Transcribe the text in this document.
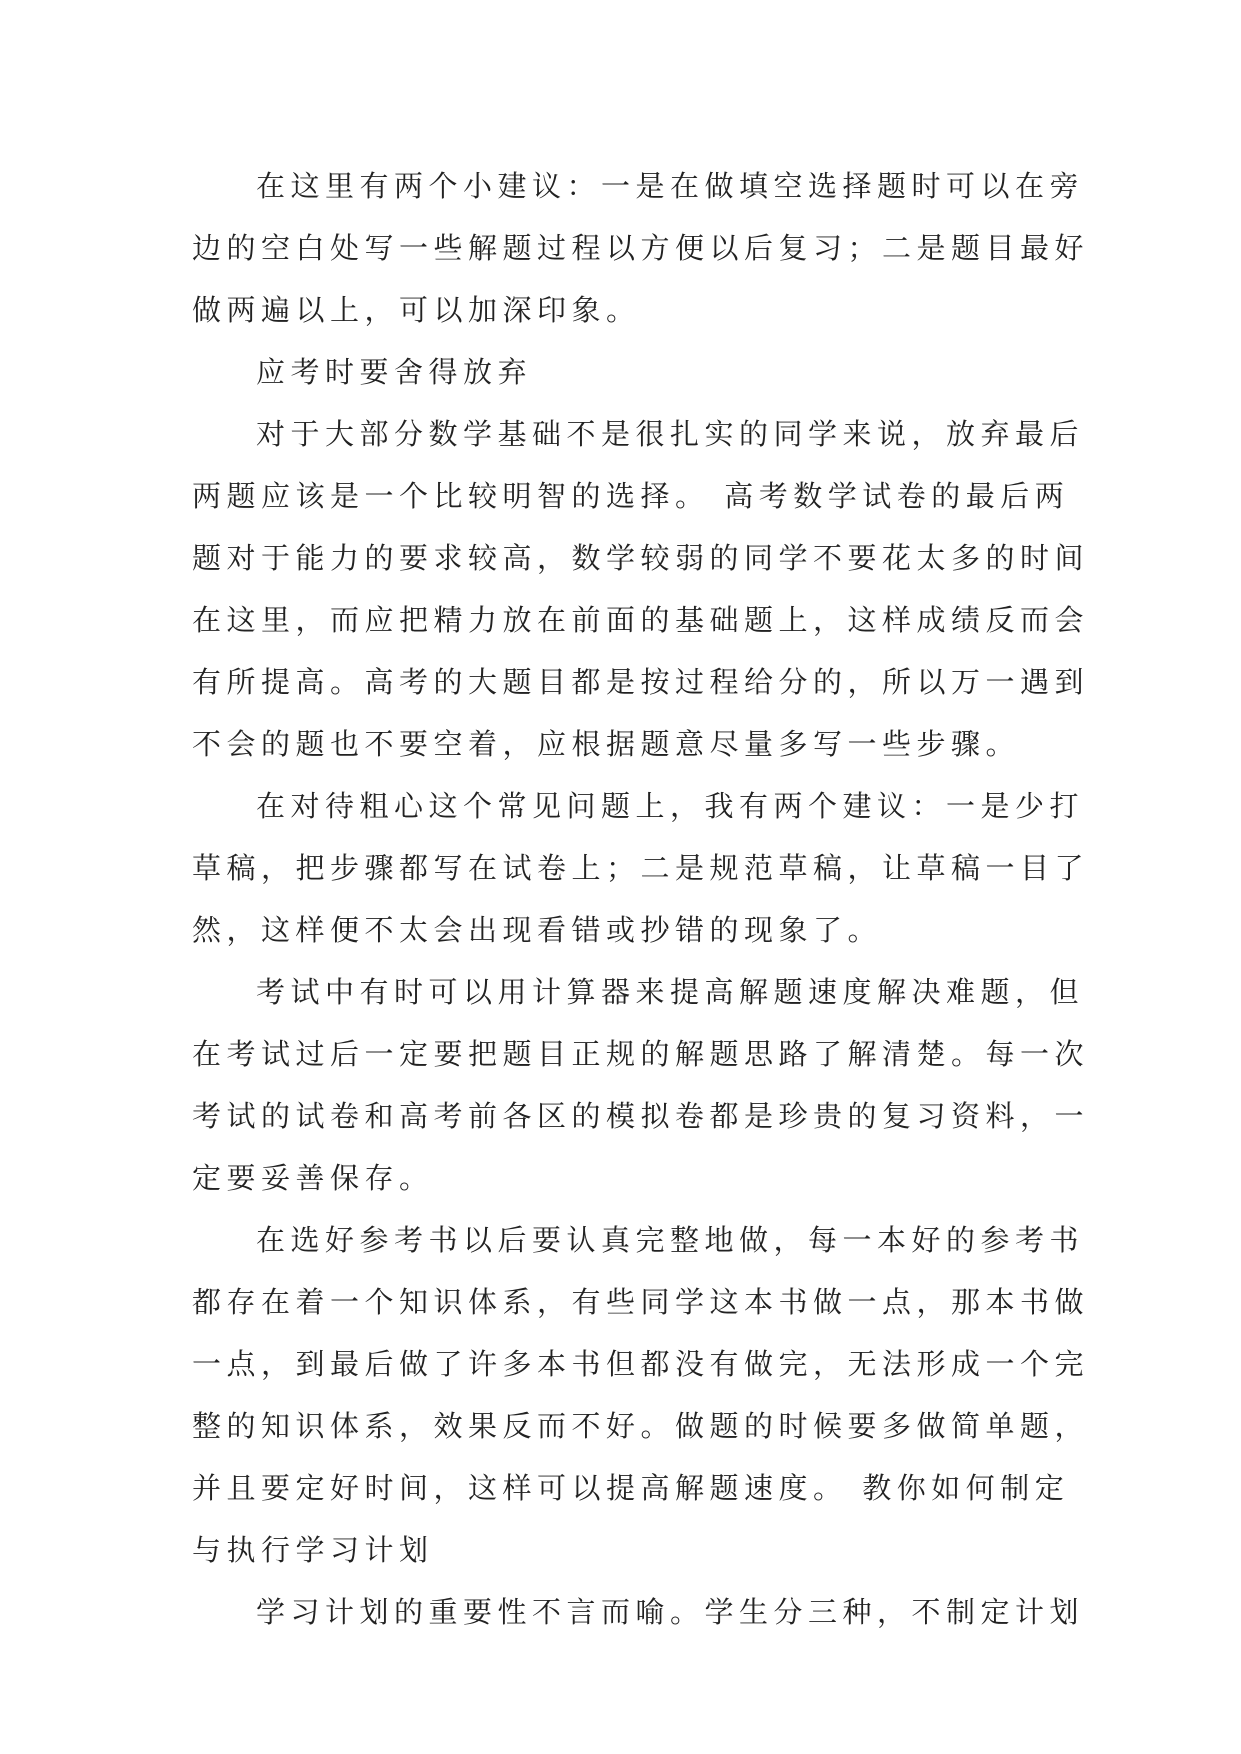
在这里有两个小建议：一是在做填空选择题时可以在旁
边的空白处写一些解题过程以方便以后复习；二是题目最好
做两遍以上，可以加深印象。
应考时要舍得放弃
对于大部分数学基础不是很扎实的同学来说，放弃最后
两题应该是一个比较明智的选择。 高考数学试卷的最后两
题对于能力的要求较高，数学较弱的同学不要花太多的时间
在这里，而应把精力放在前面的基础题上，这样成绩反而会
有所提高。高考的大题目都是按过程给分的，所以万一遇到
不会的题也不要空着，应根据题意尽量多写一些步骤。
在对待粗心这个常见问题上，我有两个建议：一是少打
草稿，把步骤都写在试卷上；二是规范草稿，让草稿一目了
然，这样便不太会出现看错或抄错的现象了。
考试中有时可以用计算器来提高解题速度解决难题，但
在考试过后一定要把题目正规的解题思路了解清楚。每一次
考试的试卷和高考前各区的模拟卷都是珍贵的复习资料，一
定要妥善保存。
在选好参考书以后要认真完整地做，每一本好的参考书
都存在着一个知识体系，有些同学这本书做一点，那本书做
一点，到最后做了许多本书但都没有做完，无法形成一个完
整的知识体系，效果反而不好。做题的时候要多做简单题，
并且要定好时间，这样可以提高解题速度。 教你如何制定
与执行学习计划
学习计划的重要性不言而喻。学生分三种，不制定计划
